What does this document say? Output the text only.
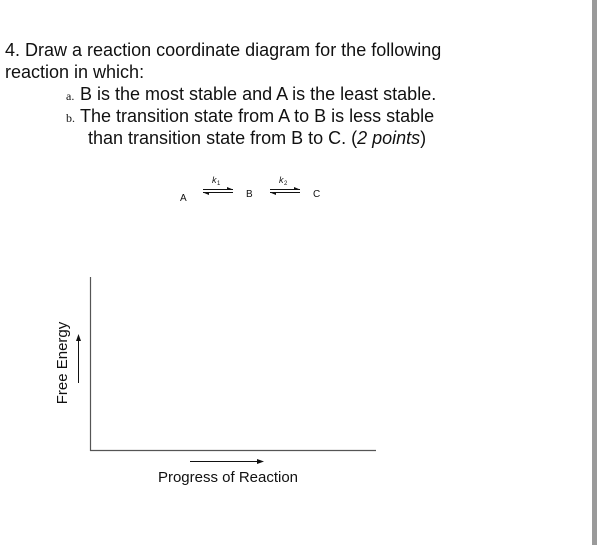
4. Draw a reaction coordinate diagram for the following
reaction in which:
a. B is the most stable and A is the least stable.
b. The transition state from A to B is less stable
than transition state from B to C. (2 points)
A	B	C
k 1	k 2
Free Energy
Progress of Reaction
